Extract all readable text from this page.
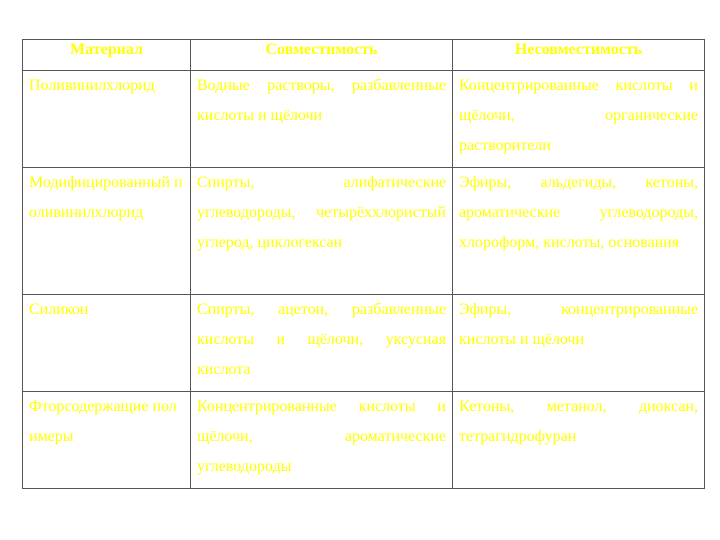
Материал	Совместимость	Несовместимость

Поливинилхлорид	Водные растворы, разбавленные кислоты и щёлочи	Концентрированные кислоты и щёлочи, органические растворители
Модифицированный поливинилхлорид	Спирты, алифатические углеводороды, четырёххлористый углерод, циклогексан	Эфиры, альдегиды, кетоны, ароматические углеводороды, хлороформ, кислоты, основания
Силикон	Спирты, ацетон, разбавленные кислоты и щёлочи, уксусная кислота	Эфиры, концентрированные кислоты и щёлочи
Фторсодержащие полимеры	Концентрированные кислоты и щёлочи, ароматические углеводороды	Кетоны, метанол, диоксан, тетрагидрофуран
